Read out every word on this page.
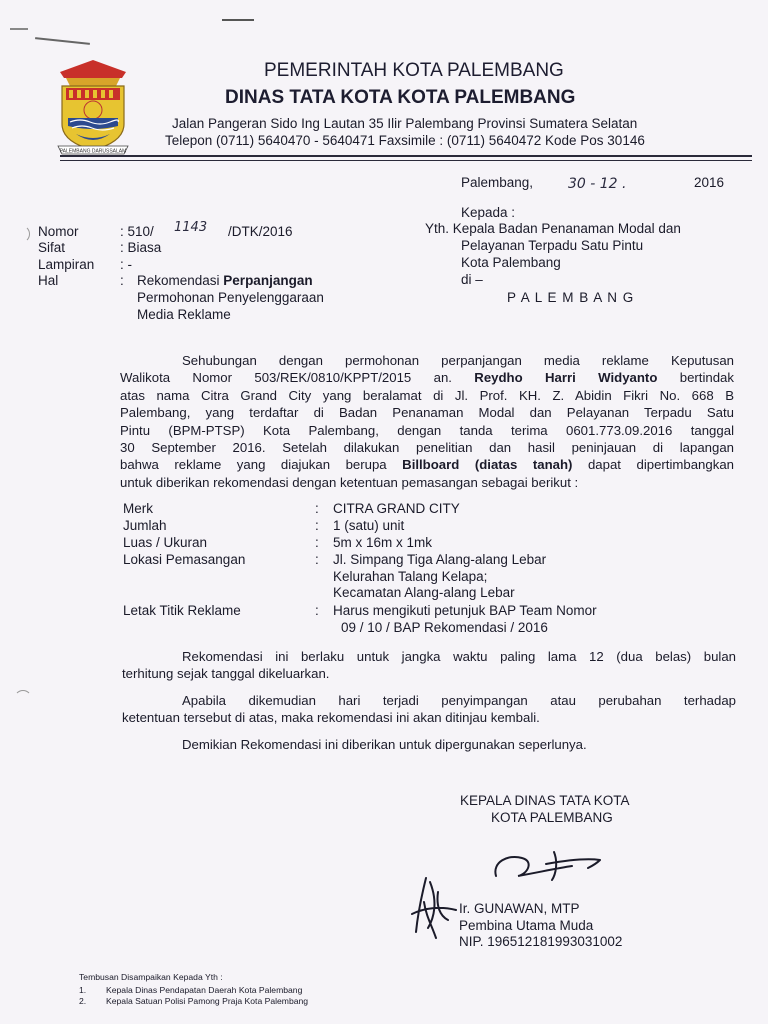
PALEMBANG DARUSSALAM
PEMERINTAH KOTA PALEMBANG
DINAS TATA KOTA KOTA PALEMBANG
Jalan Pangeran Sido Ing Lautan 35 Ilir Palembang Provinsi Sumatera Selatan
Telepon (0711) 5640470 - 5640471 Faxsimile : (0711) 5640472 Kode Pos 30146
Palembang, 30 - 12 .	2016
Kepada :
Yth. Kepala Badan Penanaman Modal dan
Pelayanan Terpadu Satu Pintu
Kota Palembang
di –
P A L E M B A N G
Nomor	: 510/ 1143 /DTK/2016
Sifat	: Biasa
Lampiran : -
Hal	: Rekomendasi Perpanjangan
Permohonan Penyelenggaraan
Media Reklame
Sehubungan dengan permohonan perpanjangan media reklame Keputusan
Walikota Nomor 503/REK/0810/KPPT/2015 an. Reydho Harri Widyanto bertindak
atas nama Citra Grand City yang beralamat di Jl. Prof. KH. Z. Abidin Fikri No. 668 B
Palembang, yang terdaftar di Badan Penanaman Modal dan Pelayanan Terpadu Satu
Pintu (BPM-PTSP) Kota Palembang, dengan tanda terima 0601.773.09.2016 tanggal
30 September 2016. Setelah dilakukan penelitian dan hasil peninjauan di lapangan
bahwa reklame yang diajukan berupa Billboard (diatas tanah) dapat dipertimbangkan
untuk diberikan rekomendasi dengan ketentuan pemasangan sebagai berikut :
Merk	: CITRA GRAND CITY
Jumlah	: 1 (satu) unit
Luas / Ukuran	: 5m x 16m x 1mk
Lokasi Pemasangan	: Jl. Simpang Tiga Alang-alang Lebar
Kelurahan Talang Kelapa;
Kecamatan Alang-alang Lebar
Letak Titik Reklame	: Harus mengikuti petunjuk BAP Team Nomor
09 / 10 / BAP Rekomendasi / 2016
Rekomendasi ini berlaku untuk jangka waktu paling lama 12 (dua belas) bulan
terhitung sejak tanggal dikeluarkan.
Apabila dikemudian hari terjadi penyimpangan atau perubahan terhadap
ketentuan tersebut di atas, maka rekomendasi ini akan ditinjau kembali.
Demikian Rekomendasi ini diberikan untuk dipergunakan seperlunya.
KEPALA DINAS TATA KOTA
KOTA PALEMBANG
Ir. GUNAWAN, MTP
Pembina Utama Muda
NIP. 196512181993031002
Tembusan Disampaikan Kepada Yth :
1. Kepala Dinas Pendapatan Daerah Kota Palembang
2. Kepala Satuan Polisi Pamong Praja Kota Palembang
